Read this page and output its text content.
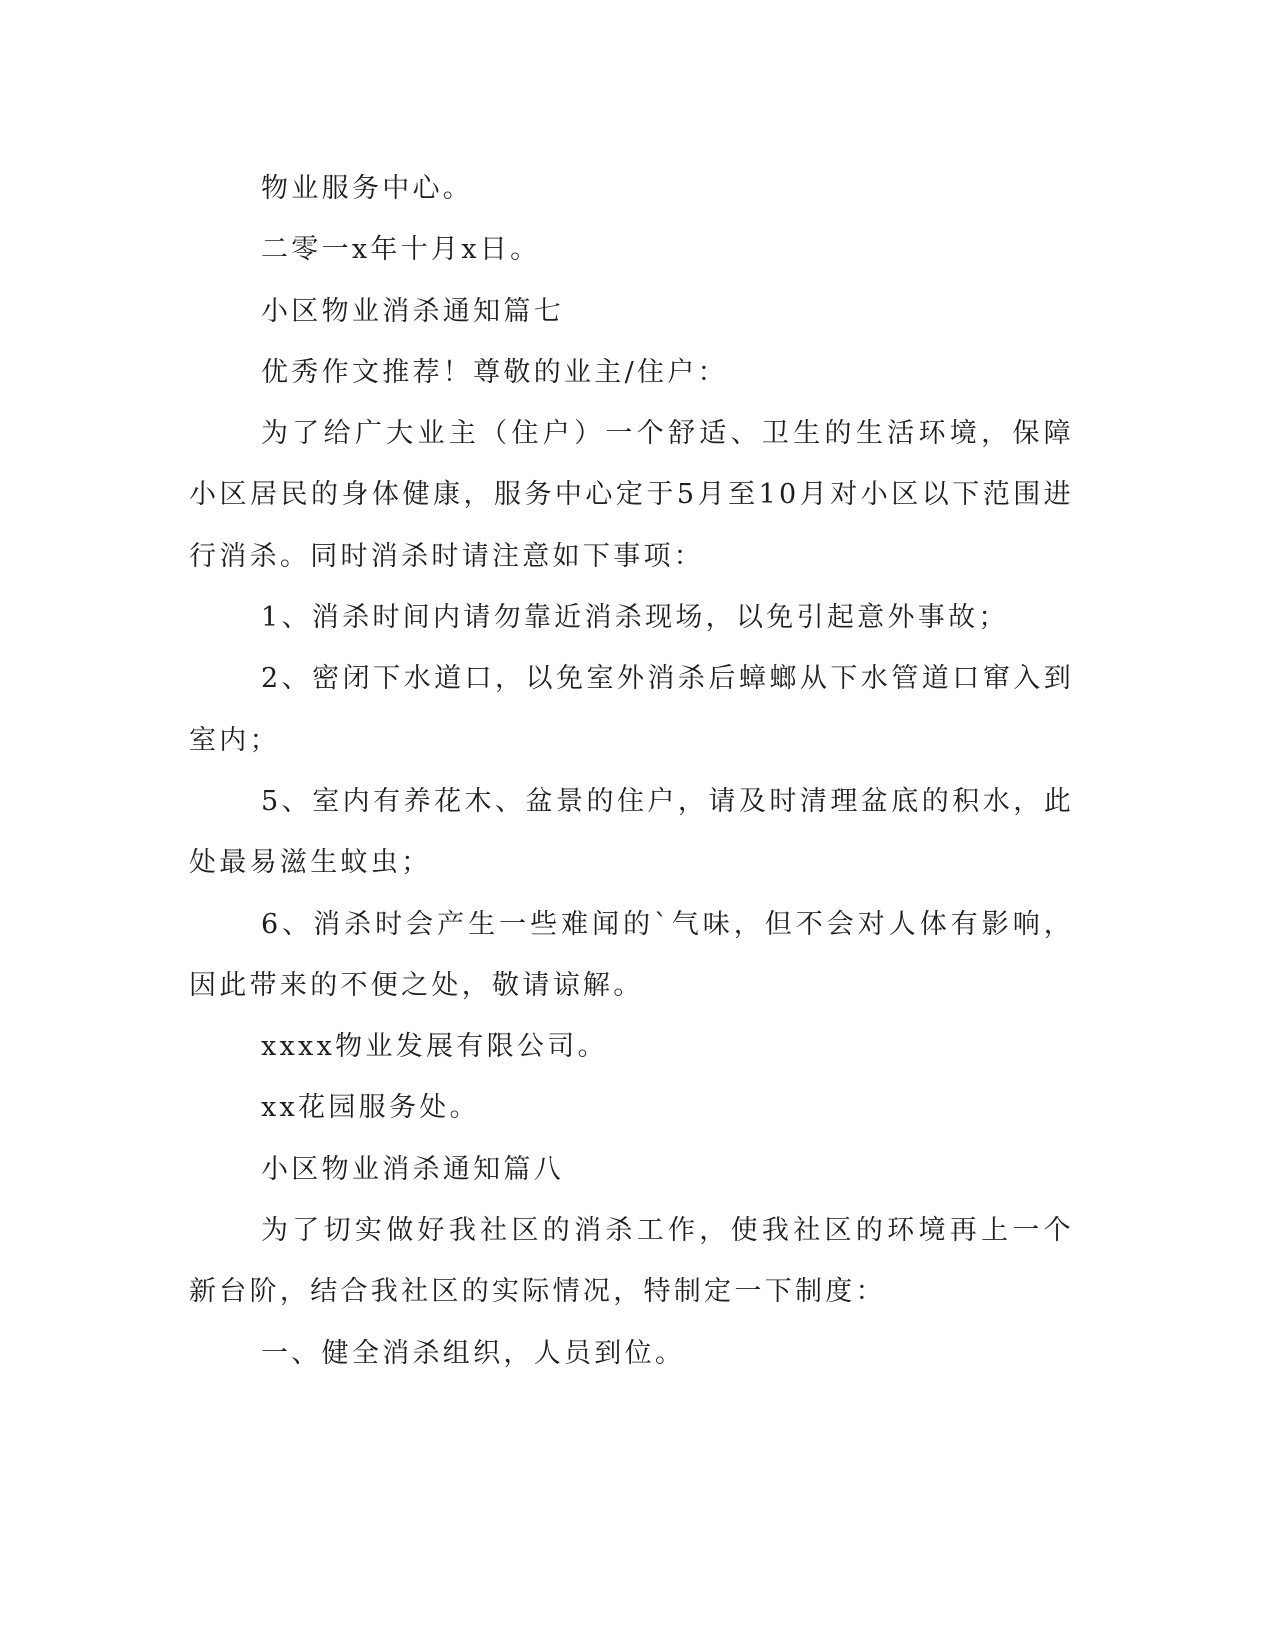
物业服务中心。

二零一x年十月x日。

小区物业消杀通知篇七

优秀作文推荐！尊敬的业主/住户：

为了给广大业主（住户）一个舒适、卫生的生活环境，保障小区居民的身体健康，服务中心定于5月至10月对小区以下范围进行消杀。同时消杀时请注意如下事项：

1、消杀时间内请勿靠近消杀现场，以免引起意外事故；

2、密闭下水道口，以免室外消杀后蟑螂从下水管道口窜入到室内；

5、室内有养花木、盆景的住户，请及时清理盆底的积水，此处最易滋生蚊虫；

6、消杀时会产生一些难闻的`气味，但不会对人体有影响，因此带来的不便之处，敬请谅解。

xxxx物业发展有限公司。

xx花园服务处。

小区物业消杀通知篇八

为了切实做好我社区的消杀工作，使我社区的环境再上一个新台阶，结合我社区的实际情况，特制定一下制度：

一、健全消杀组织，人员到位。
